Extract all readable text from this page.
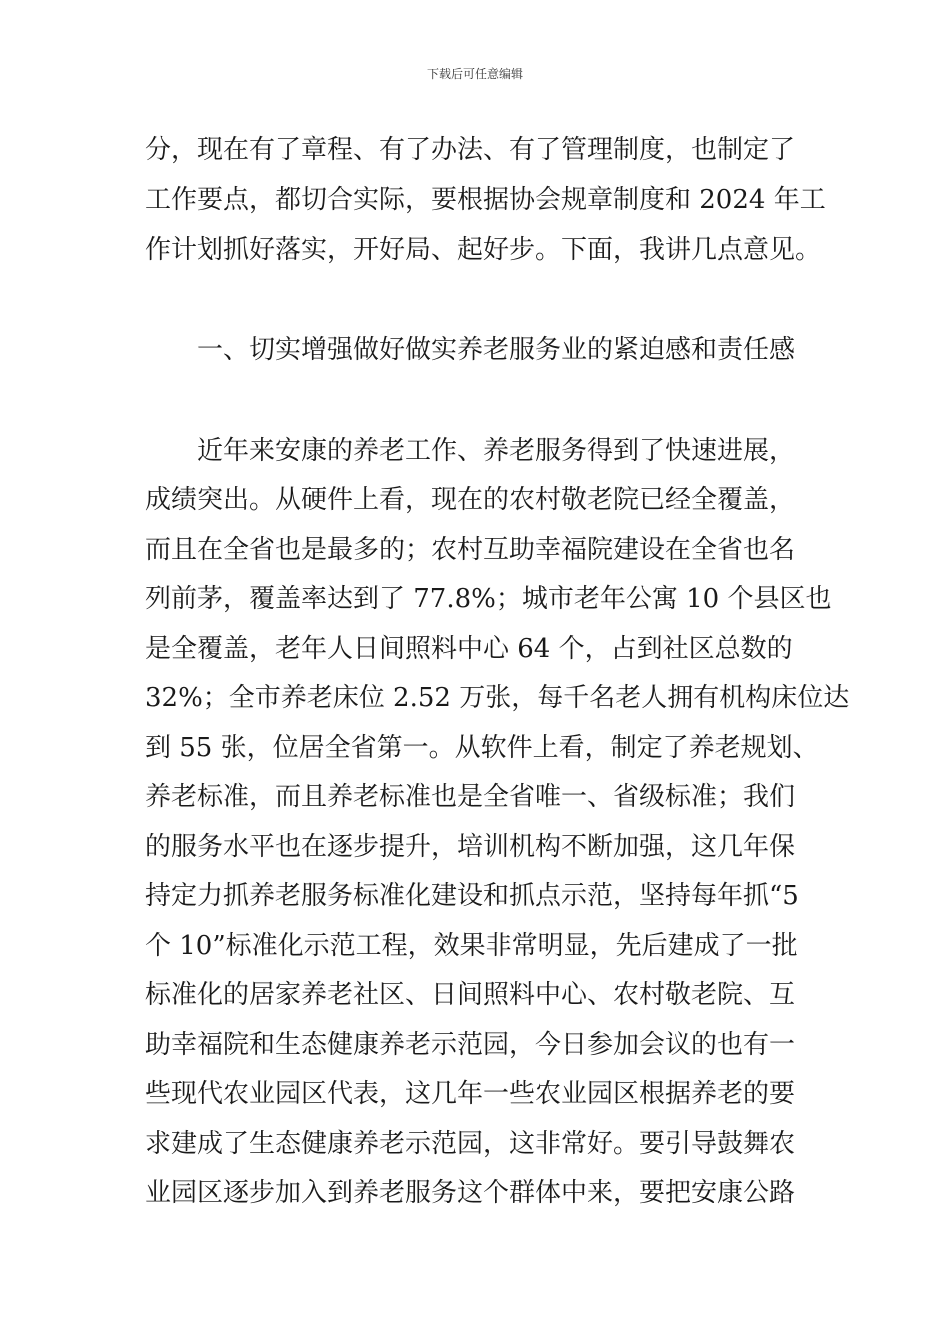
下载后可任意编辑
分，现在有了章程、有了办法、有了管理制度，也制定了
工作要点，都切合实际，要根据协会规章制度和 2024 年工
作计划抓好落实，开好局、起好步。下面，我讲几点意见。
一、切实增强做好做实养老服务业的紧迫感和责任感
近年来安康的养老工作、养老服务得到了快速进展，
成绩突出。从硬件上看，现在的农村敬老院已经全覆盖，
而且在全省也是最多的；农村互助幸福院建设在全省也名
列前茅，覆盖率达到了 77.8%；城市老年公寓 10 个县区也
是全覆盖，老年人日间照料中心 64 个，占到社区总数的
32%；全市养老床位 2.52 万张，每千名老人拥有机构床位达
到 55 张，位居全省第一。从软件上看，制定了养老规划、
养老标准，而且养老标准也是全省唯一、省级标准；我们
的服务水平也在逐步提升，培训机构不断加强，这几年保
持定力抓养老服务标准化建设和抓点示范，坚持每年抓“5
个 10”标准化示范工程，效果非常明显，先后建成了一批
标准化的居家养老社区、日间照料中心、农村敬老院、互
助幸福院和生态健康养老示范园，今日参加会议的也有一
些现代农业园区代表，这几年一些农业园区根据养老的要
求建成了生态健康养老示范园，这非常好。要引导鼓舞农
业园区逐步加入到养老服务这个群体中来，要把安康公路
